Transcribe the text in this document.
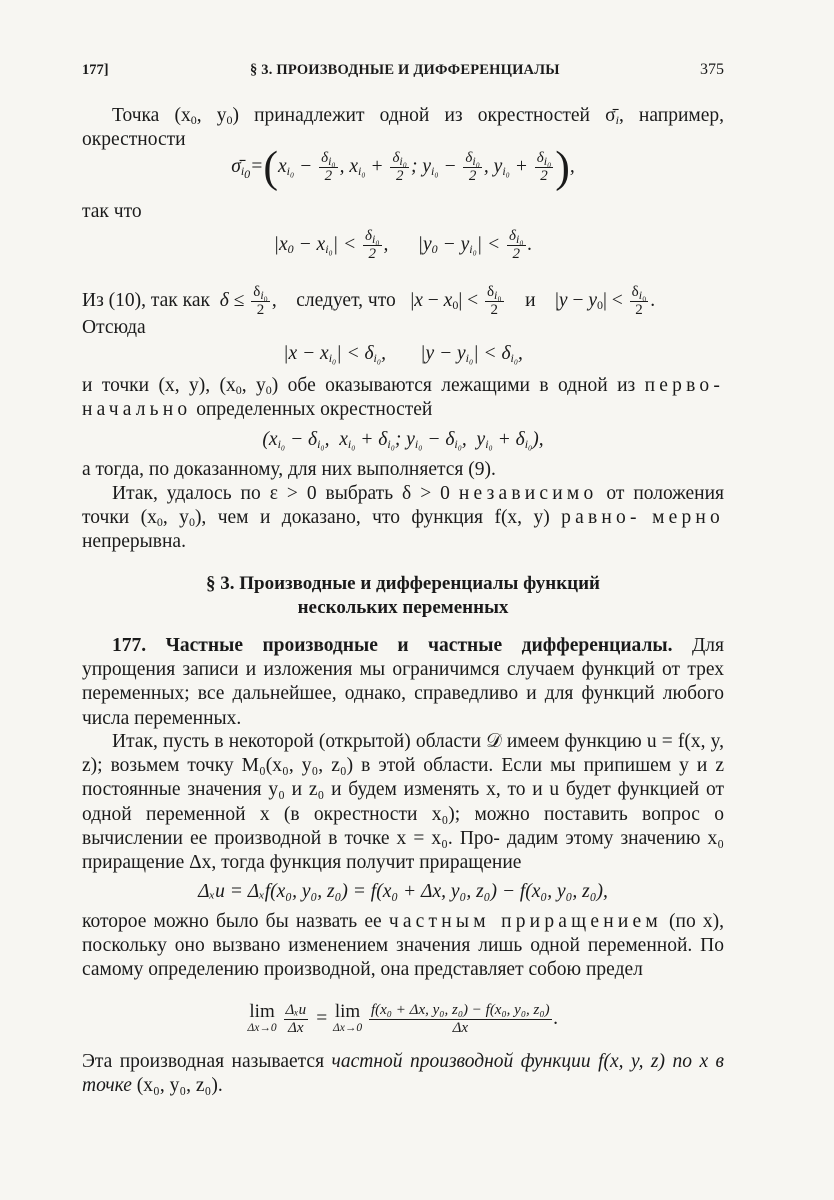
177]	§ 3. ПРОИЗВОДНЫЕ И ДИФФЕРЕНЦИАЛЫ	375
Точка ($x_0$, $y_0$) принадлежит одной из окрестностей $\sigmā_i$, например, окрестности
$\sigmā_{i_0}=(x_{i_0} - \frac{\delta_{i_0}}{2}$ , $x_{i_0} + \frac{\delta_{i_0}}{2}$ ; $y_{i_0} - \frac{\delta_{i_0}}{2}$ , $y_{i_0} + \frac{\delta_{i_0}}{2}$ ),
так что
$|x_0 - x_{i_0}| < \frac{\delta_{i_0}}{2}$ ,      $|y_0 - y_{i_0}| < \frac{\delta_{i_0}}{2}$ .
Из (10), так как $\delta \le \frac{\delta_{i_0}}{2}$ ,    следует, что   $|x - x_0| < \frac{\delta_{i_0}}{2}$ и    $|y - y_0| < \frac{\delta_{i_0}}{2}$ .
Отсюда
$|x - x_{i_0}| < \delta_{i_0}$,       $|y - y_{i_0}| < \delta_{i_0}$,
и точки (x, y), ($x_0$, $y_0$) обе оказываются лежащими в одной из перво- начально определенных окрестностей
($x_{i_0} - \delta_{i_0}$,  $x_{i_0} + \delta_{i_0}$; $y_{i_0} - \delta_{i_0}$,  $y_{i_0} + \delta_{i_0}$),
а тогда, по доказанному, для них выполняется (9).
Итак, удалось по ε > 0 выбрать δ > 0 независимо от положения точки ($x_0$, $y_0$), чем и доказано, что функция f(x, y) равно- мерно непрерывна.
§ 3. Производные и дифференциалы функций
нескольких переменных
177. Частные производные и частные дифференциалы. Для упрощения записи и изложения мы ограничимся случаем функций от трех переменных; все дальнейшее, однако, справедливо и для функций любого числа переменных.
Итак, пусть в некоторой (открытой) области 𝒟 имеем функцию u = f(x, y, z); возьмем точку M₀(x₀, y₀, z₀) в этой области. Если мы припишем y и z постоянные значения y₀ и z₀ и будем изменять x, то и u будет функцией от одной переменной x (в окрестности x₀); можно поставить вопрос о вычислении ее производной в точке x = x₀. Про- дадим этому значению x₀ приращение Δx, тогда функция получит приращение
Δₓu = Δₓf(x₀, y₀, z₀) = f(x₀ + Δx, y₀, z₀) − f(x₀, y₀, z₀),
которое можно было бы назвать ее частным приращением (по x), поскольку оно вызвано изменением значения лишь одной переменной. По самому определению производной, она представляет собою предел
lim
Δx→0
$\frac{\text{Δₓu}}{\Delta x} = \lim$
Δx→0
$\frac{\text{f(x₀ + Δx, y₀, z₀) − f(x₀, y₀, z₀)}}{\Delta x}$ .
Эта производная называется частной производной функции f(x, y, z) по x в точке (x₀, y₀, z₀).
